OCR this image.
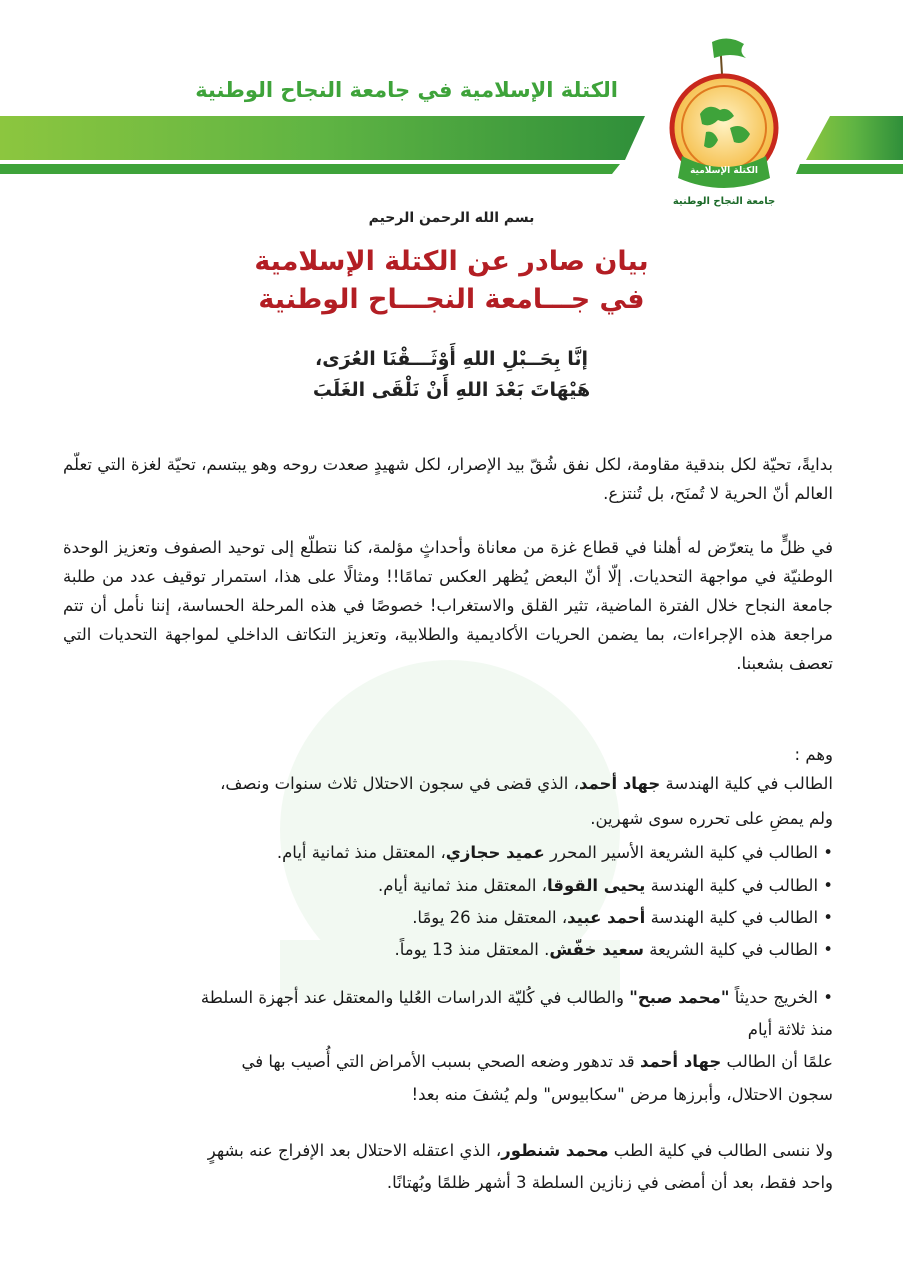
الكتلة الإسلامية في جامعة النجاح الوطنية
الكتلة الإسلامية
جامعة النجاح الوطنية
بسم الله الرحمن الرحيم
بيان صادر عن الكتلة الإسلامية
في جـــامعة النجـــاح الوطنية
إنَّا بِحَــبْلِ اللهِ أَوْثَـــقْنَا العُرَى،
هَيْهَاتَ بَعْدَ اللهِ أَنْ نَلْقَى الغَلَبَ
بدايةً، تحيّة لكل بندقية مقاومة، لكل نفق شُقّ بيد الإصرار، لكل شهيدٍ صعدت روحه وهو يبتسم، تحيّة لغزة التي تعلّم العالم أنّ الحرية لا تُمنَح، بل تُنتزع.
في ظلٍّ ما يتعرّض له أهلنا في قطاع غزة من معاناة وأحداثٍ مؤلمة، كنا نتطلّع إلى توحيد الصفوف وتعزيز الوحدة الوطنيّة في مواجهة التحديات. إلّا أنّ البعض يُظهر العكس تمامًا!! ومثالًا على هذا، استمرار توقيف عدد من طلبة جامعة النجاح خلال الفترة الماضية، تثير القلق والاستغراب! خصوصًا في هذه المرحلة الحساسة، إننا نأمل أن تتم مراجعة هذه الإجراءات، بما يضمن الحريات الأكاديمية والطلابية، وتعزيز التكاتف الداخلي لمواجهة التحديات التي تعصف بشعبنا.
وهم :
الطالب في كلية الهندسة جهاد أحمد، الذي قضى في سجون الاحتلال ثلاث سنوات ونصف،
ولم يمضِ على تحرره سوى شهرين.
• الطالب في كلية الشريعة الأسير المحرر عميد حجازي، المعتقل منذ ثمانية أيام.
• الطالب في كلية الهندسة يحيى القوقا، المعتقل منذ ثمانية أيام.
• الطالب في كلية الهندسة أحمد عبيد، المعتقل منذ 26 يومًا.
• الطالب في كلية الشريعة سعيد خفّش. المعتقل منذ 13 يوماً.
• الخريج حديثاً "محمد صبح" والطالب في كُليّة الدراسات العُليا والمعتقل عند أجهزة السلطة
منذ ثلاثة أيام
علمًا أن الطالب جهاد أحمد قد تدهور وضعه الصحي بسبب الأمراض التي أُصيب بها في
سجون الاحتلال، وأبرزها مرض "سكابيوس" ولم يُشفَ منه بعد!
ولا ننسى الطالب في كلية الطب محمد شنطور، الذي اعتقله الاحتلال بعد الإفراج عنه بشهرٍ
واحد فقط، بعد أن أمضى في زنازين السلطة 3 أشهر ظلمًا وبُهتانًا.
